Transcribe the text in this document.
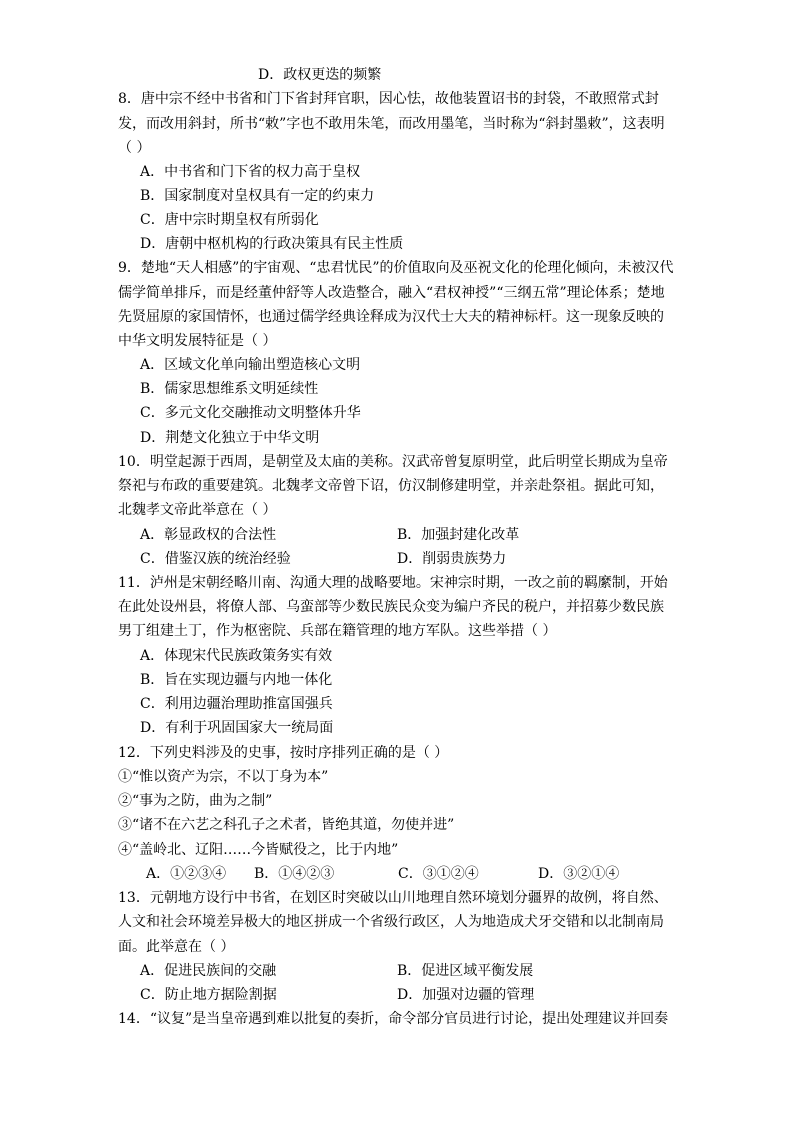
D．政权更迭的频繁
8．唐中宗不经中书省和门下省封拜官职，因心怯，故他装置诏书的封袋，不敢照常式封
发，而改用斜封，所书“敕”字也不敢用朱笔，而改用墨笔，当时称为“斜封墨敕”，这表明
（ ）
A．中书省和门下省的权力高于皇权
B．国家制度对皇权具有一定的约束力
C．唐中宗时期皇权有所弱化
D．唐朝中枢机构的行政决策具有民主性质
9．楚地“天人相感”的宇宙观、“忠君忧民”的价值取向及巫祝文化的伦理化倾向，未被汉代
儒学简单排斥，而是经董仲舒等人改造整合，融入“君权神授”“三纲五常”理论体系；楚地
先贤屈原的家国情怀，也通过儒学经典诠释成为汉代士大夫的精神标杆。这一现象反映的
中华文明发展特征是（ ）
A．区域文化单向输出塑造核心文明
B．儒家思想维系文明延续性
C．多元文化交融推动文明整体升华
D．荆楚文化独立于中华文明
10．明堂起源于西周，是朝堂及太庙的美称。汉武帝曾复原明堂，此后明堂长期成为皇帝
祭祀与布政的重要建筑。北魏孝文帝曾下诏，仿汉制修建明堂，并亲赴祭祖。据此可知，
北魏孝文帝此举意在（ ）
A．彰显政权的合法性	B．加强封建化改革
C．借鉴汉族的统治经验	D．削弱贵族势力
11．泸州是宋朝经略川南、沟通大理的战略要地。宋神宗时期，一改之前的羁縻制，开始
在此处设州县，将僚人部、乌蛮部等少数民族民众变为编户齐民的税户，并招募少数民族
男丁组建土丁，作为枢密院、兵部在籍管理的地方军队。这些举措（ ）
A．体现宋代民族政策务实有效
B．旨在实现边疆与内地一体化
C．利用边疆治理助推富国强兵
D．有利于巩固国家大一统局面
12．下列史料涉及的史事，按时序排列正确的是（ ）
①“惟以资产为宗，不以丁身为本”
②“事为之防，曲为之制”
③“诸不在六艺之科孔子之术者，皆绝其道，勿使并进”
④“盖岭北、辽阳……今皆赋役之，比于内地”
A．①②③④ B．①④②③	C．③①②④	D．③②①④
13．元朝地方设行中书省，在划区时突破以山川地理自然环境划分疆界的故例，将自然、
人文和社会环境差异极大的地区拼成一个省级行政区，人为地造成犬牙交错和以北制南局
面。此举意在（ ）
A．促进民族间的交融	B．促进区域平衡发展
C．防止地方据险割据	D．加强对边疆的管理
14．“议复”是当皇帝遇到难以批复的奏折，命令部分官员进行讨论，提出处理建议并回奏
